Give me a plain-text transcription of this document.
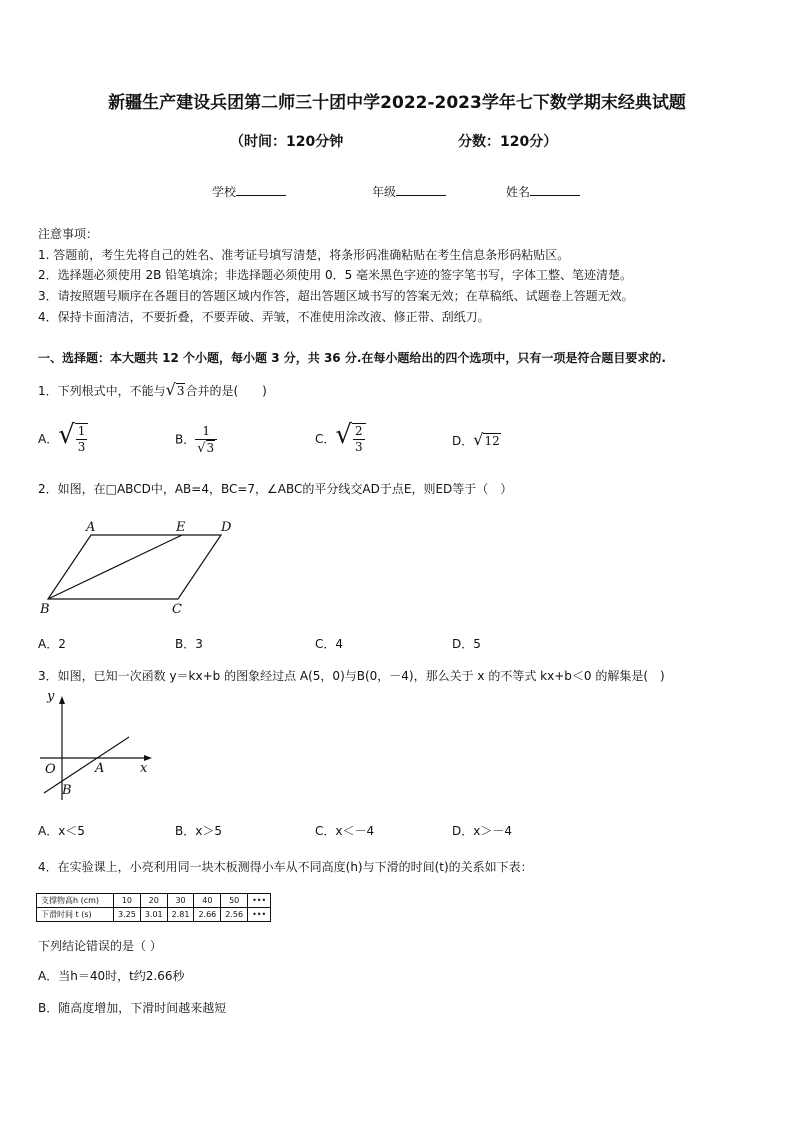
新疆生产建设兵团第二师三十团中学2022-2023学年七下数学期末经典试题
（时间：120分钟	分数：120分）
学校	年级	姓名
注意事项：
1. 答题前，考生先将自己的姓名、准考证号填写清楚，将条形码准确粘贴在考生信息条形码粘贴区。
2．选择题必须使用 2B 铅笔填涂；非选择题必须使用 0．5 毫米黑色字迹的签字笔书写，字体工整、笔迹清楚。
3．请按照题号顺序在各题目的答题区域内作答，超出答题区域书写的答案无效；在草稿纸、试题卷上答题无效。
4．保持卡面清洁，不要折叠，不要弄破、弄皱，不准使用涂改液、修正带、刮纸刀。
一、选择题：本大题共 12 个小题，每小题 3 分，共 36 分.在每小题给出的四个选项中，只有一项是符合题目要求的.
1．下列根式中，不能与√3合并的是(　　)
A．√ $\frac{1}{3}$	B． $\frac{1}{√3}$	C．√ $\frac{2}{3}$	D．√12
2．如图，在□ABCD中，AB=4，BC=7，∠ABC的平分线交AD于点E，则ED等于（　）
A	E	D
B	C
A．2	B．3	C．4	D．5
3．如图，已知一次函数 y＝kx+b 的图象经过点 A(5，0)与B(0，－4)，那么关于 x 的不等式 kx+b＜0 的解集是(　)
y
x
O	A
B
A．x＜5	B．x＞5	C．x＜－4	D．x＞－4
4．在实验课上，小亮利用同一块木板测得小车从不同高度(h)与下滑的时间(t)的关系如下表：
支撑物高h (cm)	10	20	30	40	50	•••
下滑时间 t (s)	3.25	3.01	2.81	2.66	2.56	•••
下列结论错误的是（ ）
A．当h＝40时，t约2.66秒
B．随高度增加，下滑时间越来越短
